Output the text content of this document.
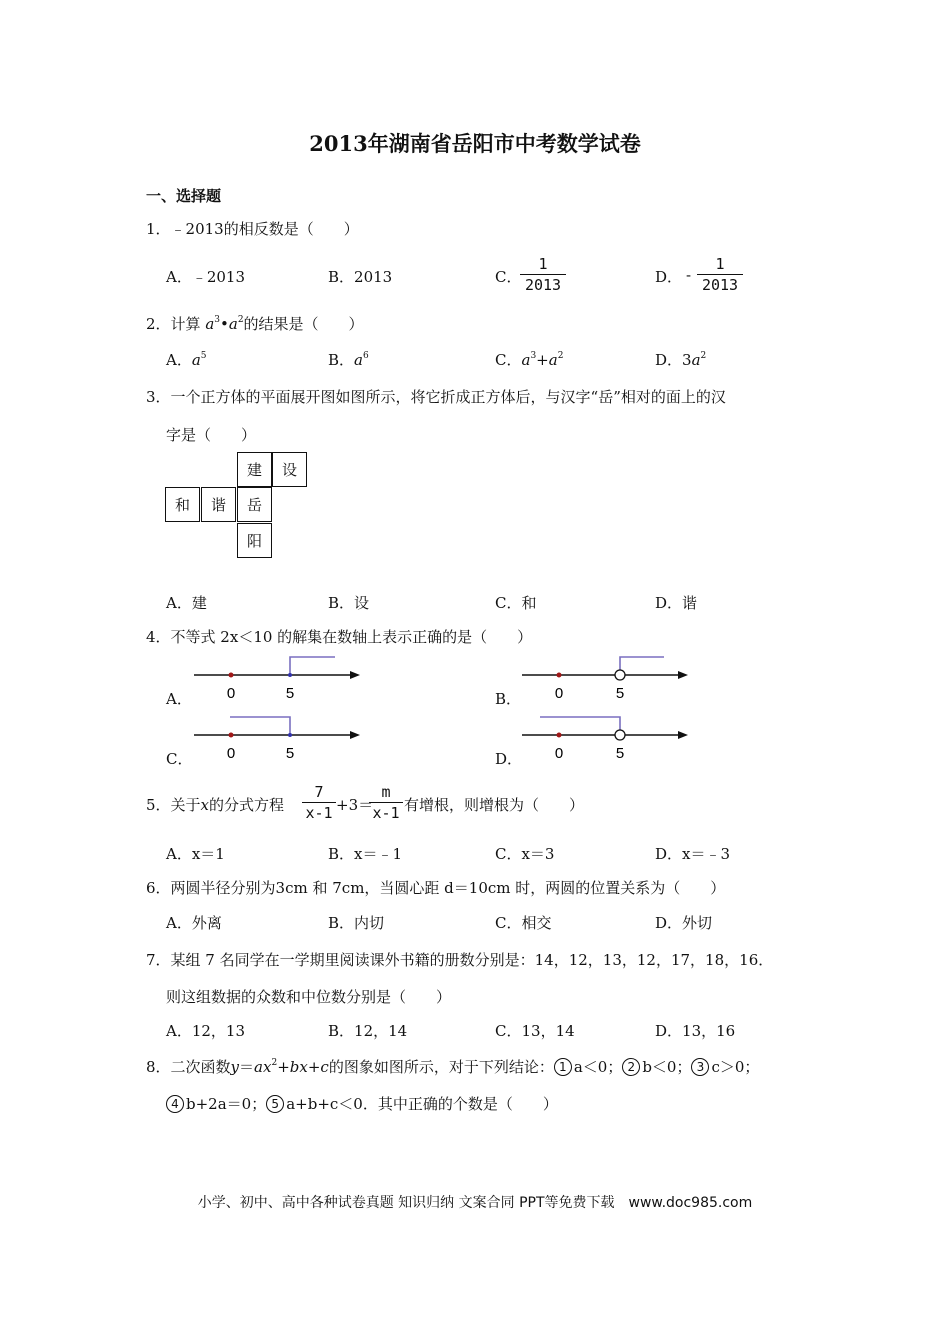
2013年湖南省岳阳市中考数学试卷
一、选择题
1．﹣2013的相反数是（　　）
A．﹣2013	B．2013	C．
1
2013	D． -
1
2013
2．计算 $a^3•a^2$的结果是（　　）
A．$a^5$	B．$a^6$	C．$a^3+a^2$	D．$3a^2$
3．一个正方体的平面展开图如图所示，将它折成正方体后，与汉字“岳”相对的面上的汉
字是（　　）
建	设
和	谐	岳
阳
A．建	B．设	C．和	D．谐
4．不等式 2x＜10 的解集在数轴上表示正确的是（　　）
A．	B．
C．	D．
0	5	0	5
0	5	0	5
5．关于x的分式方程
7
x-1 +3＝
m
x-1 有增根，则增根为（　　）
A．x＝1	B．x＝﹣1	C．x＝3	D．x＝﹣3
6．两圆半径分别为3cm 和 7cm，当圆心距 d＝10cm 时，两圆的位置关系为（　　）
A．外离	B．内切	C．相交	D．外切
7．某组 7 名同学在一学期里阅读课外书籍的册数分别是：14，12，13，12，17，18，16．
则这组数据的众数和中位数分别是（　　）
A．12，13	B．12，14	C．13，14	D．13，16
8．二次函数$y=ax^2+bx+c$的图象如图所示，对于下列结论： 1 a＜0； 2 b＜0； 3 c＞0；
4 b+2a＝0； 5 a+b+c＜0．其中正确的个数是（　　）
小学、初中、高中各种试卷真题 知识归纳 文案合同 PPT等免费下载　www.doc985.com
